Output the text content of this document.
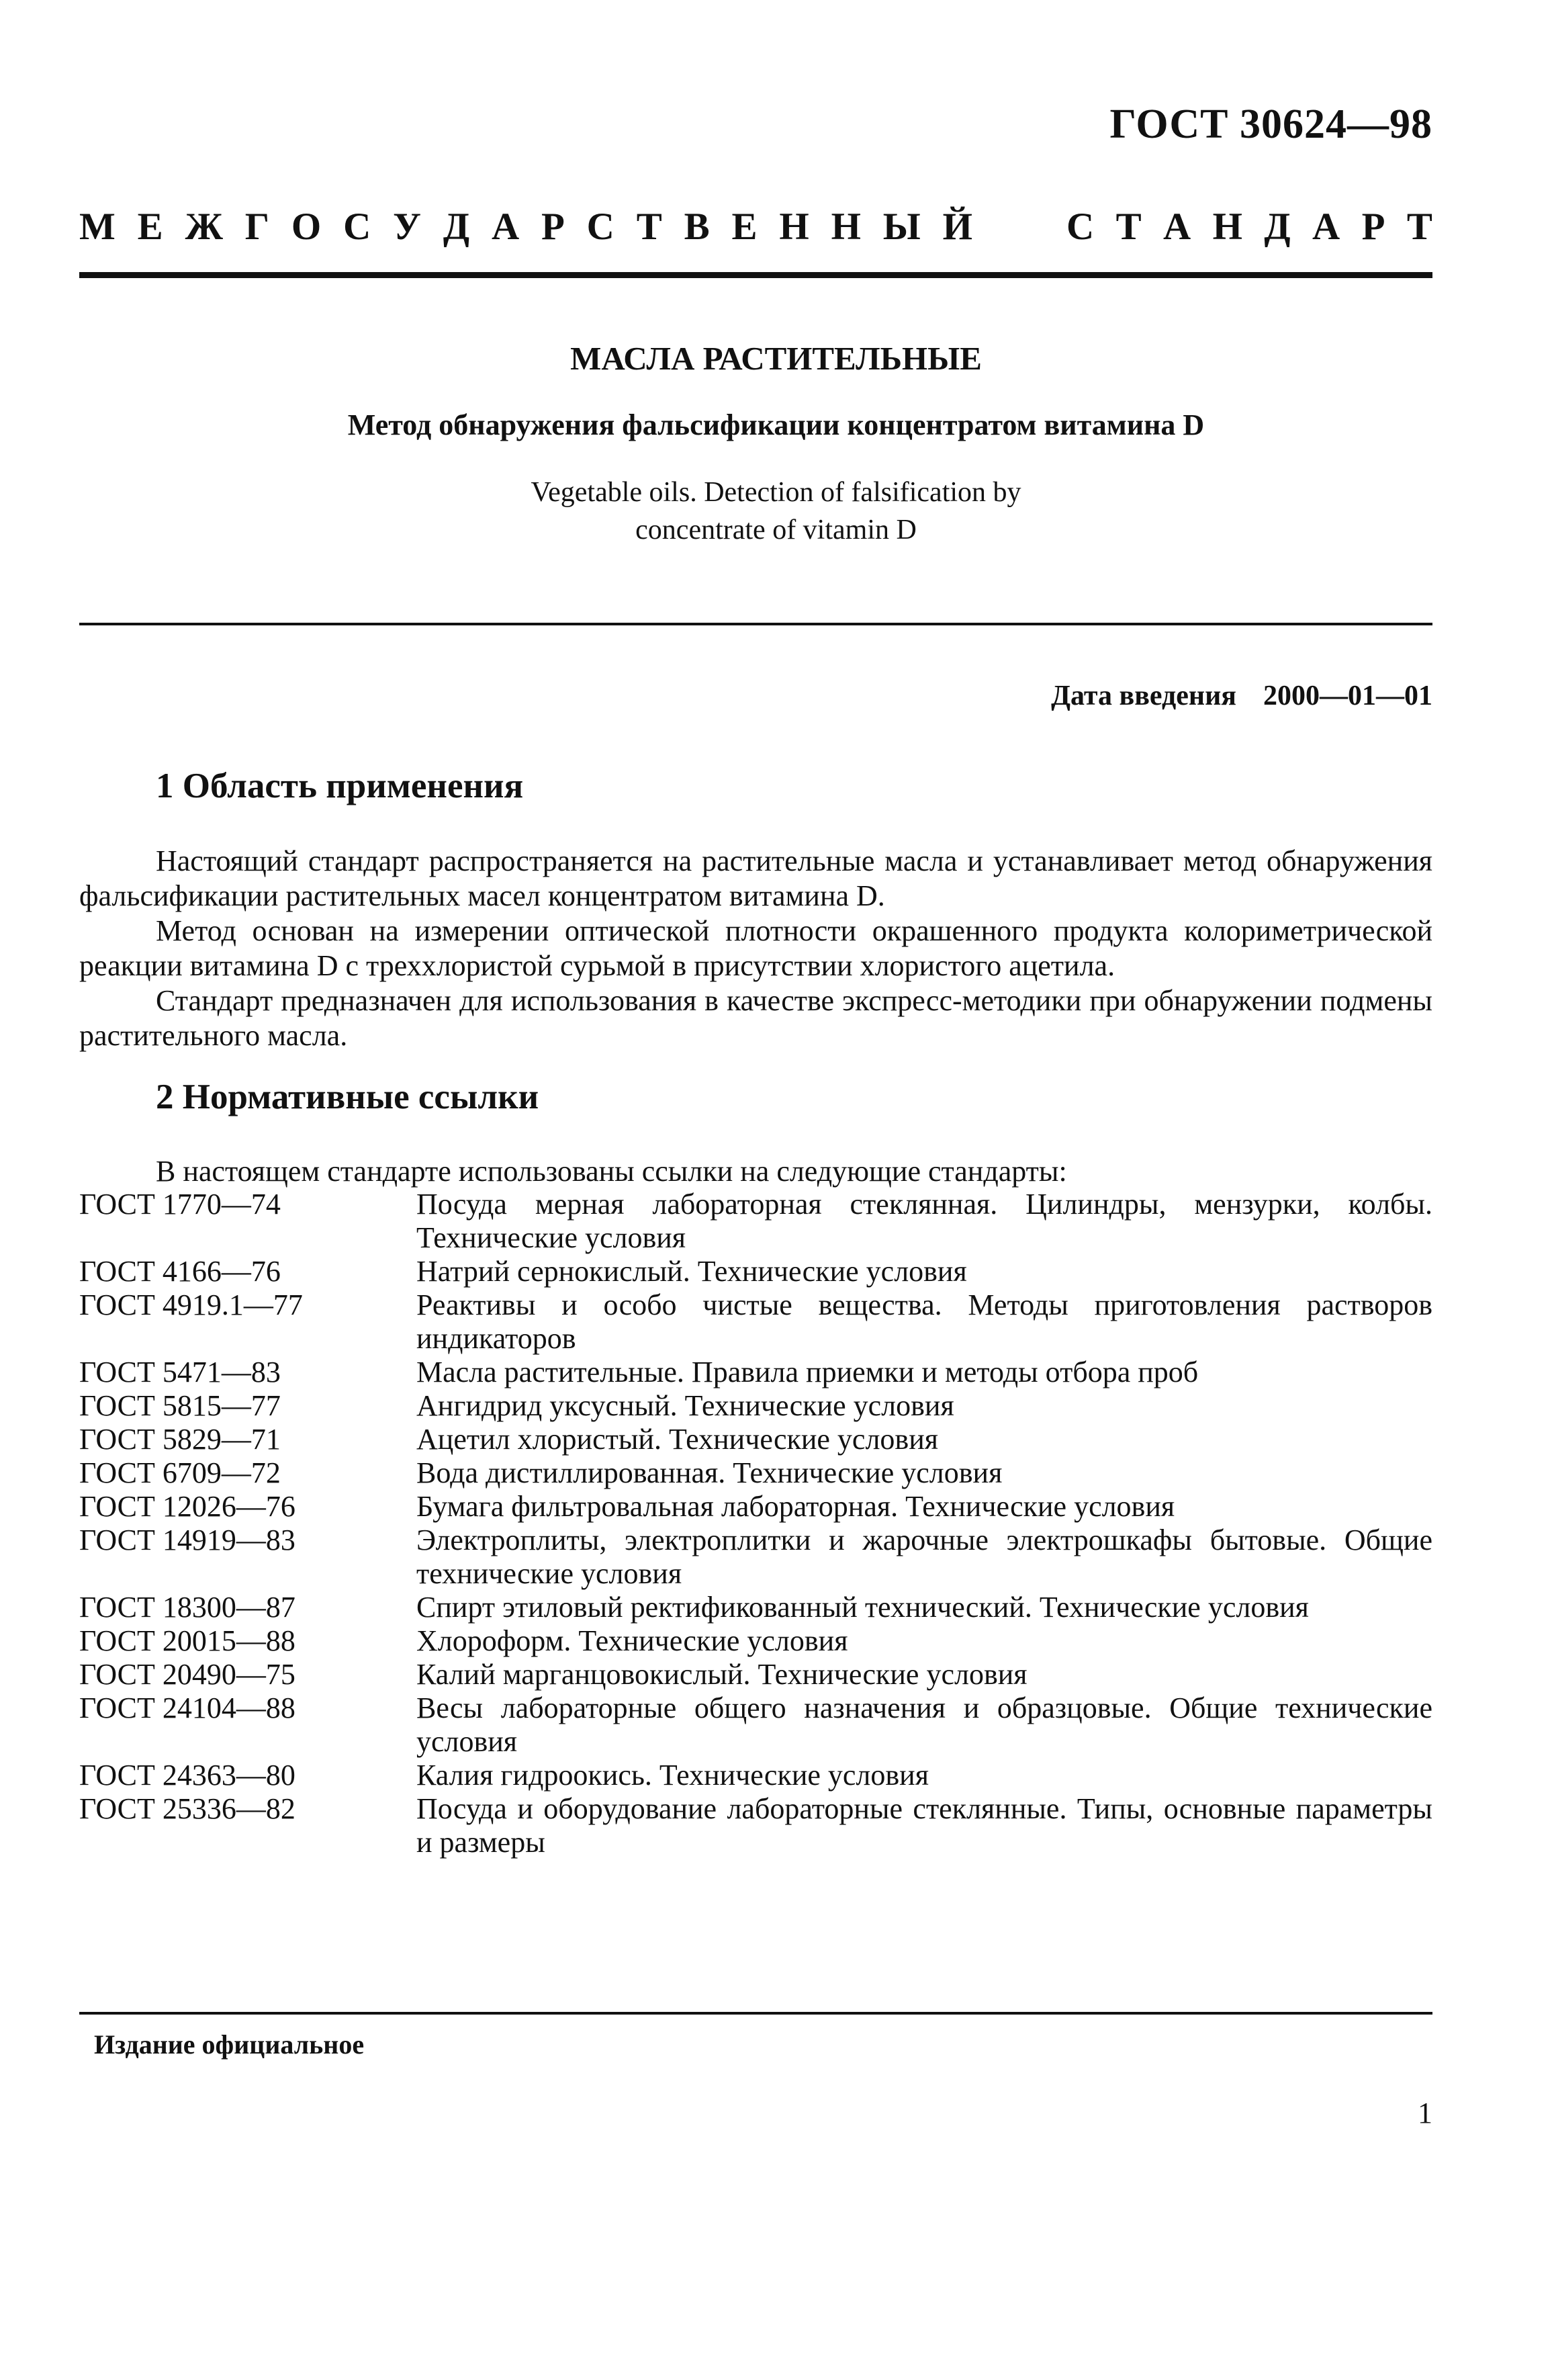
ГОСТ 30624—98
М Е Ж Г О С У Д А Р С Т В Е Н Н Ы Й С Т А Н Д А Р Т
МАСЛА РАСТИТЕЛЬНЫЕ
Метод обнаружения фальсификации концентратом витамина D
Vegetable oils. Detection of falsification by
concentrate of vitamin D
Дата введения 2000—01—01
1 Область применения

Настоящий стандарт распространяется на растительные масла и устанавливает метод обнаружения фальсификации растительных масел концентратом витамина D.

Метод основан на измерении оптической плотности окрашенного продукта колориметрической реакции витамина D с треххлористой сурьмой в присутствии хлористого ацетила.

Стандарт предназначен для использования в качестве экспресс-методики при обнаружении подмены растительного масла.

2 Нормативные ссылки
В настоящем стандарте использованы ссылки на следующие стандарты:
ГОСТ 1770—74	Посуда мерная лабораторная стеклянная. Цилиндры, мензурки, колбы. Технические условия
ГОСТ 4166—76	Натрий сернокислый. Технические условия
ГОСТ 4919.1—77	Реактивы и особо чистые вещества. Методы приготовления растворов индикаторов
ГОСТ 5471—83	Масла растительные. Правила приемки и методы отбора проб
ГОСТ 5815—77	Ангидрид уксусный. Технические условия
ГОСТ 5829—71	Ацетил хлористый. Технические условия
ГОСТ 6709—72	Вода дистиллированная. Технические условия
ГОСТ 12026—76	Бумага фильтровальная лабораторная. Технические условия
ГОСТ 14919—83	Электроплиты, электроплитки и жарочные электрошкафы бытовые. Общие технические условия
ГОСТ 18300—87	Спирт этиловый ректификованный технический. Технические условия
ГОСТ 20015—88	Хлороформ. Технические условия
ГОСТ 20490—75	Калий марганцовокислый. Технические условия
ГОСТ 24104—88	Весы лабораторные общего назначения и образцовые. Общие технические условия
ГОСТ 24363—80	Калия гидроокись. Технические условия
ГОСТ 25336—82	Посуда и оборудование лабораторные стеклянные. Типы, основные параметры и размеры
Издание официальное
1
